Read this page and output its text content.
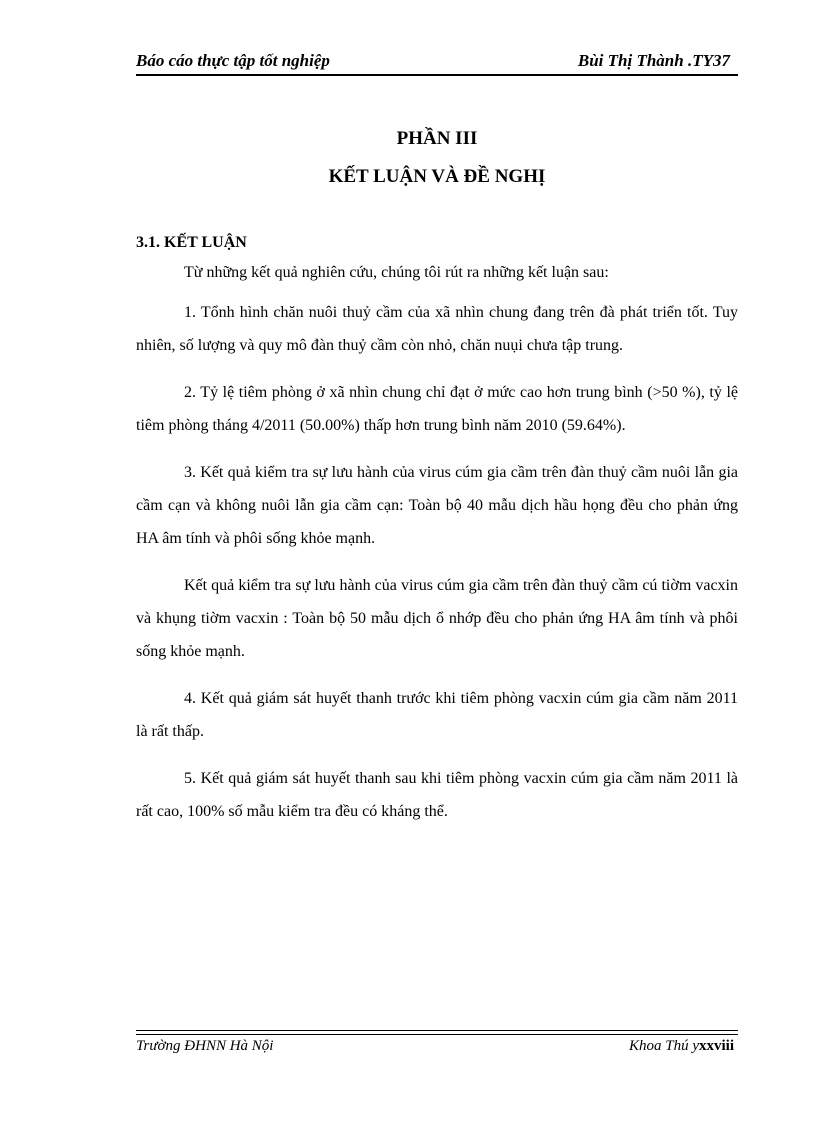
Báo cáo thực tập tốt nghiệp	Bùi Thị Thành .TY37
PHẦN III
KẾT LUẬN VÀ ĐỀ NGHỊ
3.1. KẾT LUẬN

Từ những kết quả nghiên cứu, chúng tôi rút ra những kết luận sau:

1. Tổnh hình chăn nuôi thuỷ cầm của xã nhìn chung đang trên đà phát triển tốt. Tuy nhiên, số lượng và quy mô đàn thuỷ cầm còn nhỏ, chăn nuụi chưa tập trung.

2. Tỷ lệ tiêm phòng ở xã nhìn chung chỉ đạt ở mức cao hơn trung bình (>50 %), tỷ lệ tiêm phòng tháng 4/2011 (50.00%) thấp hơn trung bình năm 2010 (59.64%).

3. Kết quả kiểm tra sự lưu hành của virus cúm gia cầm trên đàn thuỷ cầm nuôi lẫn gia cầm cạn và không nuôi lẫn gia cầm cạn: Toàn bộ 40 mẫu dịch hầu họng đều cho phản ứng HA âm tính và phôi sống khỏe mạnh.

Kết quả kiểm tra sự lưu hành của virus cúm gia cầm trên đàn thuỷ cầm cú tiờm vacxin và khụng tiờm vacxin : Toàn bộ 50 mẫu dịch ổ nhớp đều cho phản ứng HA âm tính và phôi sống khỏe mạnh.

4. Kết quả giám sát huyết thanh trước khi tiêm phòng vacxin cúm gia cầm năm 2011 là rất thấp.

5. Kết quả giám sát huyết thanh sau khi tiêm phòng vacxin cúm gia cầm năm 2011 là rất cao, 100% số mẫu kiểm tra đều có kháng thể.

Trường ĐHNN Hà Nội	Khoa Thú yxxviii
